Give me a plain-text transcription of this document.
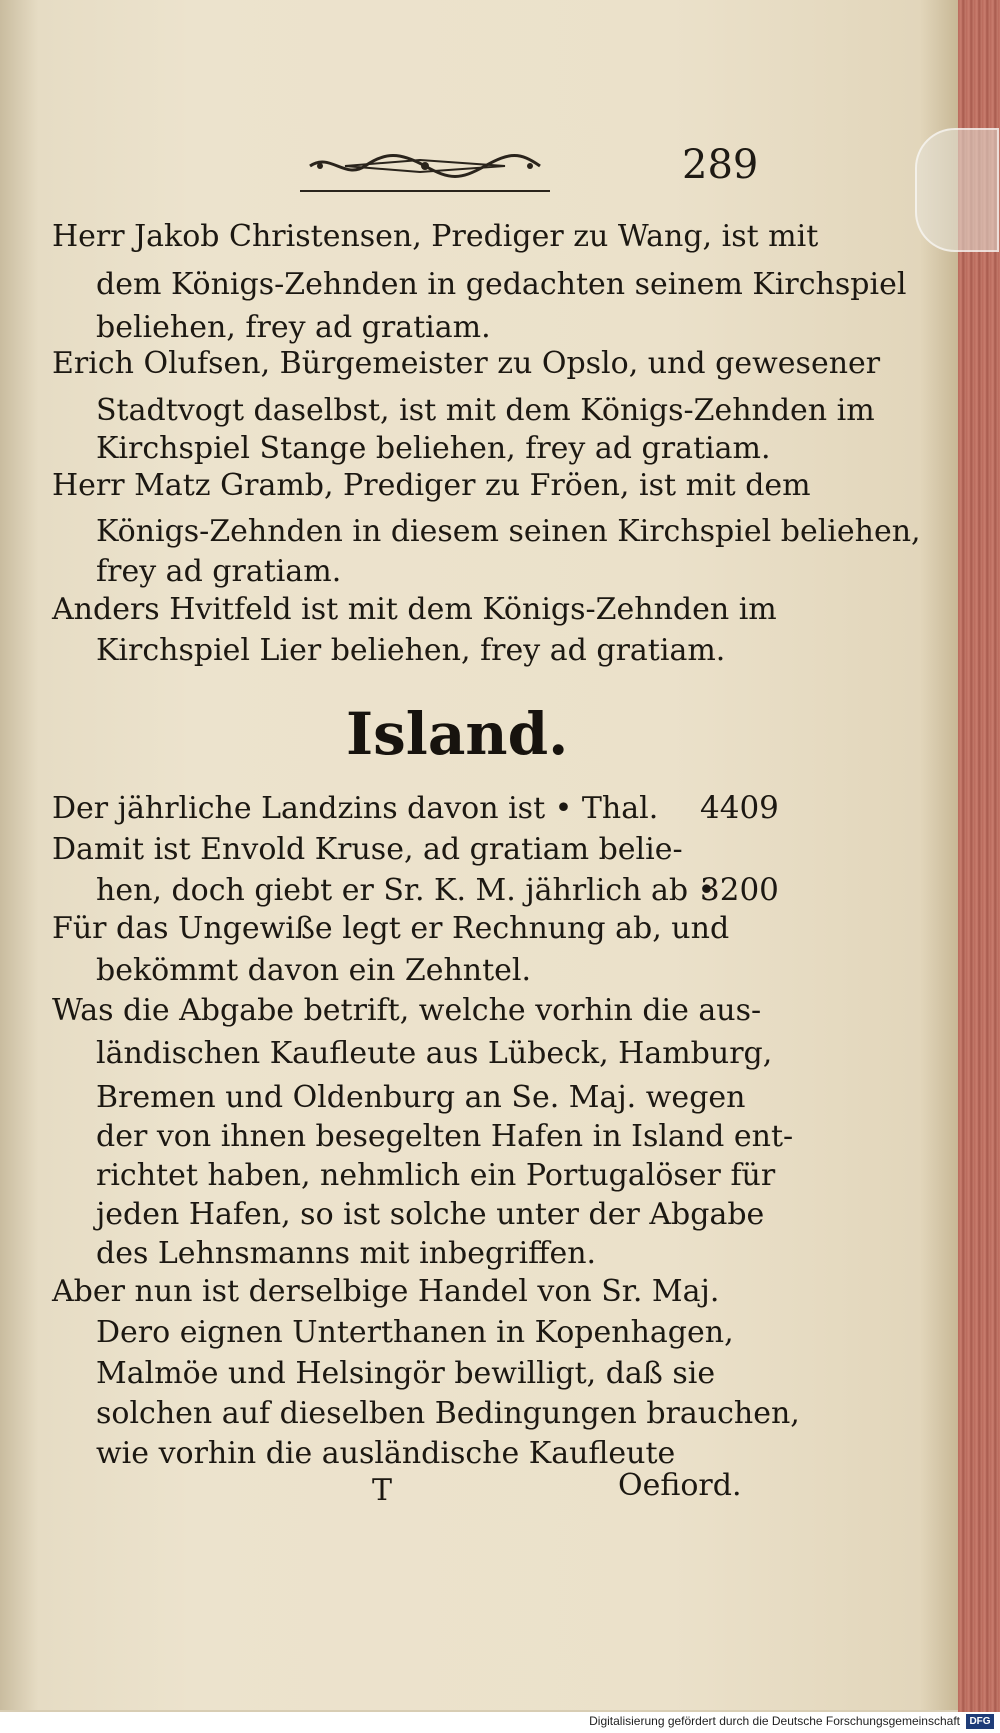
289
Herr Jakob Christensen, Prediger zu Wang, ist mit
dem Königs-Zehnden in gedachten seinem Kirchspiel
beliehen, frey ad gratiam.
Erich Olufsen, Bürgemeister zu Opslo, und gewesener
Stadtvogt daselbst, ist mit dem Königs-Zehnden im
Kirchspiel Stange beliehen, frey ad gratiam.
Herr Matz Gramb, Prediger zu Fröen, ist mit dem
Königs-Zehnden in diesem seinen Kirchspiel beliehen,
frey ad gratiam.
Anders Hvitfeld ist mit dem Königs-Zehnden im
Kirchspiel Lier beliehen, frey ad gratiam.
Island.
Der jährliche Landzins davon ist • Thal. 4409
Damit ist Envold Kruse, ad gratiam belie-
hen, doch giebt er Sr. K. M. jährlich ab •
3200
Für das Ungewiße legt er Rechnung ab, und
bekömmt davon ein Zehntel.
Was die Abgabe betrift, welche vorhin die aus-
ländischen Kaufleute aus Lübeck, Hamburg,
Bremen und Oldenburg an Se. Maj. wegen
der von ihnen besegelten Hafen in Island ent-
richtet haben, nehmlich ein Portugalöser für
jeden Hafen, so ist solche unter der Abgabe
des Lehnsmanns mit inbegriffen.
Aber nun ist derselbige Handel von Sr. Maj.
Dero eignen Unterthanen in Kopenhagen,
Malmöe und Helsingör bewilligt, daß sie
solchen auf dieselben Bedingungen brauchen,
wie vorhin die ausländische Kaufleute
T	Oefiord.
Digitalisierung gefördert durch die Deutsche Forschungsgemeinschaft DFG
